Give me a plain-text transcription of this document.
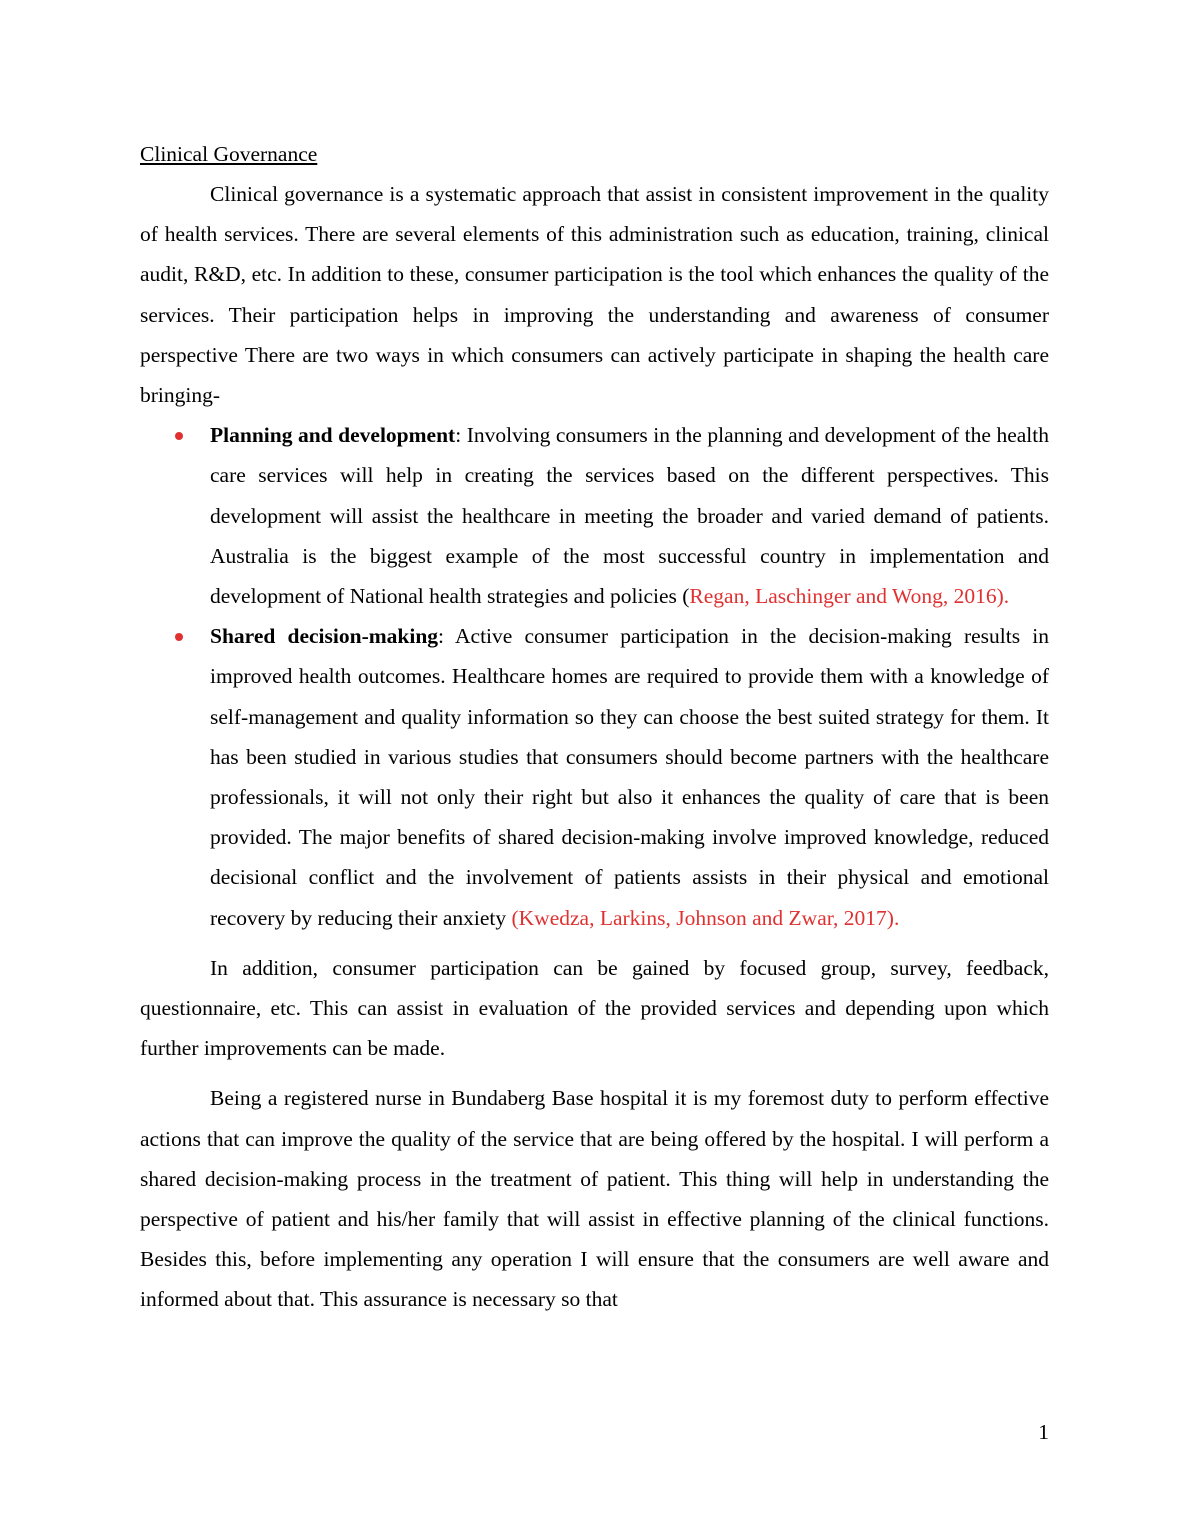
Clinical Governance

Clinical governance is a systematic approach that assist in consistent improvement in the quality of health services. There are several elements of this administration such as education, training, clinical audit, R&D, etc. In addition to these, consumer participation is the tool which enhances the quality of the services. Their participation helps in improving the understanding and awareness of consumer perspective There are two ways in which consumers can actively participate in shaping the health care bringing-

Planning and development: Involving consumers in the planning and development of the health care services will help in creating the services based on the different perspectives. This development will assist the healthcare in meeting the broader and varied demand of patients. Australia is the biggest example of the most successful country in implementation and development of National health strategies and policies (Regan, Laschinger and Wong, 2016).
Shared decision-making: Active consumer participation in the decision-making results in improved health outcomes. Healthcare homes are required to provide them with a knowledge of self-management and quality information so they can choose the best suited strategy for them. It has been studied in various studies that consumers should become partners with the healthcare professionals, it will not only their right but also it enhances the quality of care that is been provided. The major benefits of shared decision-making involve improved knowledge, reduced decisional conflict and the involvement of patients assists in their physical and emotional recovery by reducing their anxiety (Kwedza, Larkins, Johnson and Zwar, 2017).

In addition, consumer participation can be gained by focused group, survey, feedback, questionnaire, etc. This can assist in evaluation of the provided services and depending upon which further improvements can be made.

Being a registered nurse in Bundaberg Base hospital it is my foremost duty to perform effective actions that can improve the quality of the service that are being offered by the hospital. I will perform a shared decision-making process in the treatment of patient. This thing will help in understanding the perspective of patient and his/her family that will assist in effective planning of the clinical functions. Besides this, before implementing any operation I will ensure that the consumers are well aware and informed about that. This assurance is necessary so that

1
